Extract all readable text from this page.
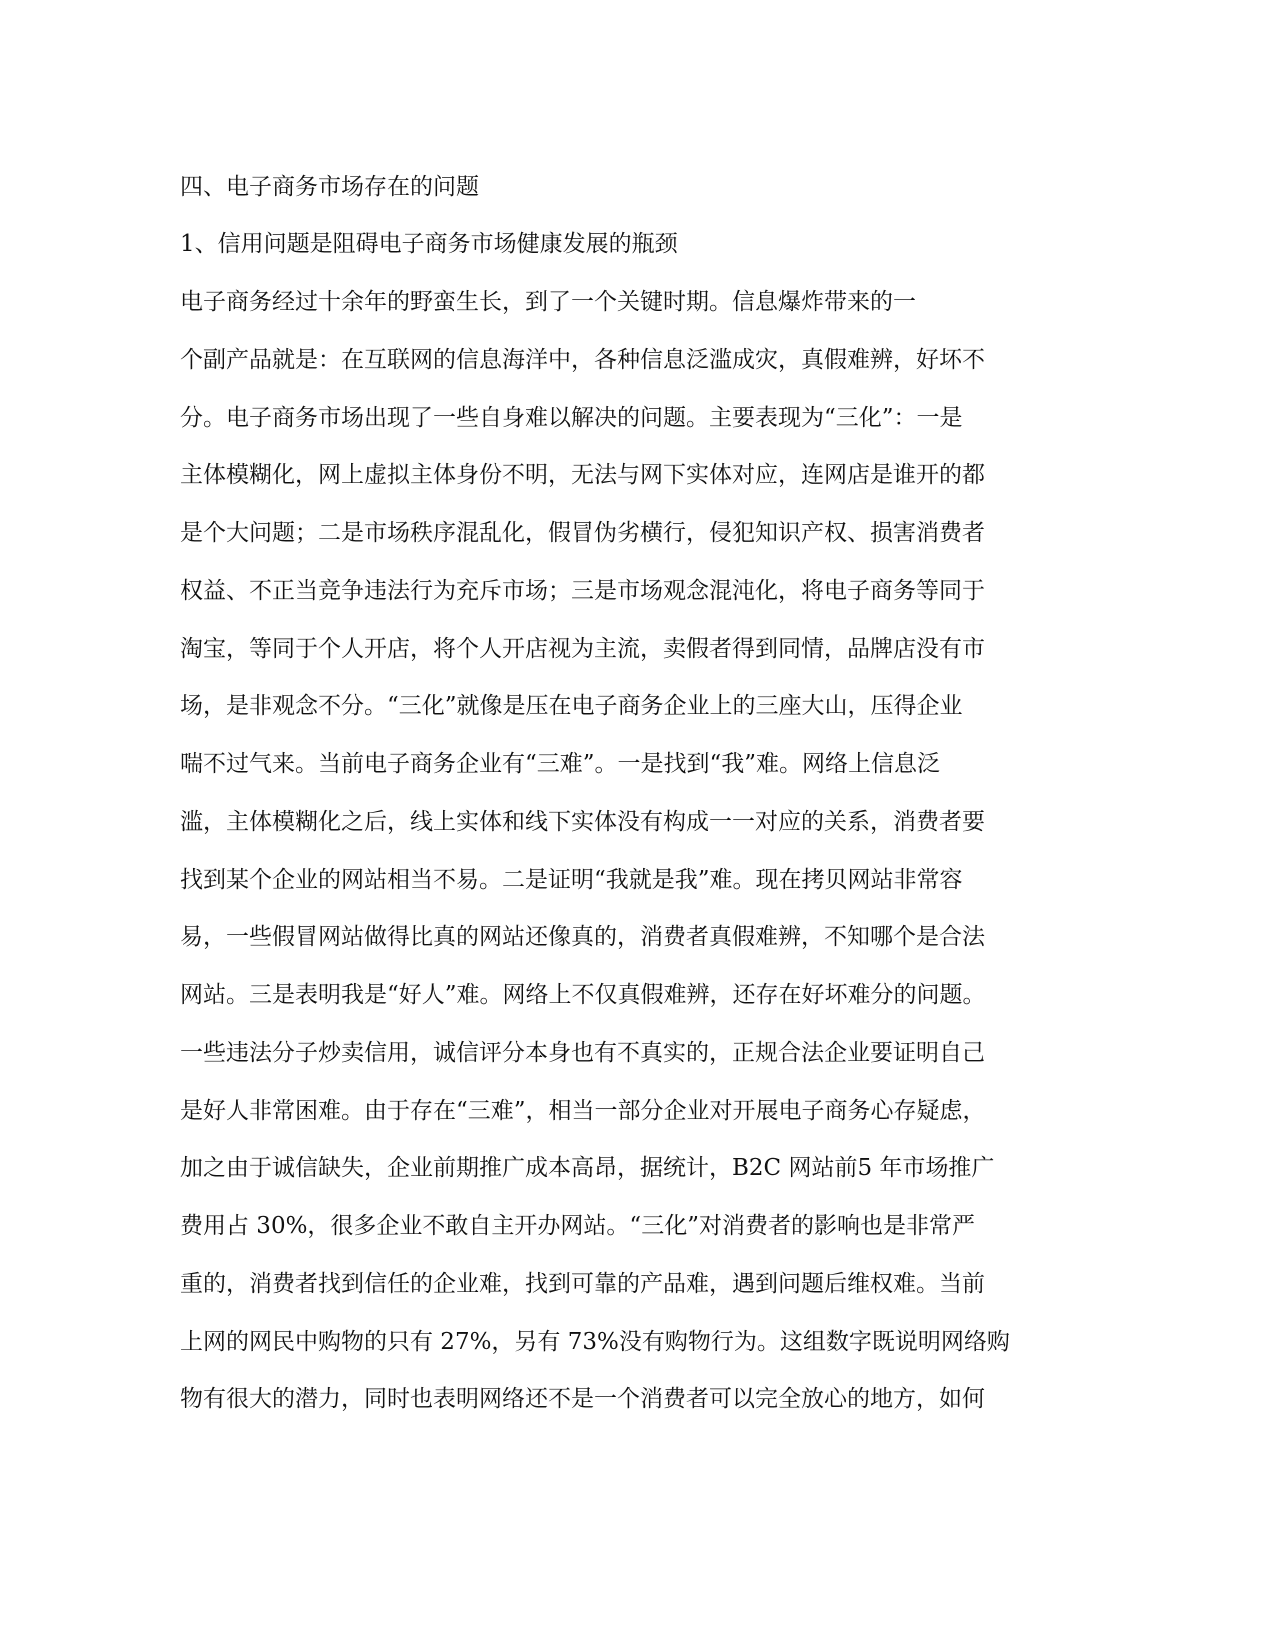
四、电子商务市场存在的问题
1、信用问题是阻碍电子商务市场健康发展的瓶颈
电子商务经过十余年的野蛮生长，到了一个关键时期。信息爆炸带来的一
个副产品就是：在互联网的信息海洋中，各种信息泛滥成灾，真假难辨，好坏不
分。电子商务市场出现了一些自身难以解决的问题。主要表现为“三化”：一是
主体模糊化，网上虚拟主体身份不明，无法与网下实体对应，连网店是谁开的都
是个大问题；二是市场秩序混乱化，假冒伪劣横行，侵犯知识产权、损害消费者
权益、不正当竞争违法行为充斥市场；三是市场观念混沌化，将电子商务等同于
淘宝，等同于个人开店，将个人开店视为主流，卖假者得到同情，品牌店没有市
场，是非观念不分。“三化”就像是压在电子商务企业上的三座大山，压得企业
喘不过气来。当前电子商务企业有“三难”。一是找到“我”难。网络上信息泛
滥，主体模糊化之后，线上实体和线下实体没有构成一一对应的关系，消费者要
找到某个企业的网站相当不易。二是证明“我就是我”难。现在拷贝网站非常容
易，一些假冒网站做得比真的网站还像真的，消费者真假难辨，不知哪个是合法
网站。三是表明我是“好人”难。网络上不仅真假难辨，还存在好坏难分的问题。
一些违法分子炒卖信用，诚信评分本身也有不真实的，正规合法企业要证明自己
是好人非常困难。由于存在“三难”，相当一部分企业对开展电子商务心存疑虑，
加之由于诚信缺失，企业前期推广成本高昂，据统计，B2C 网站前5 年市场推广
费用占 30%，很多企业不敢自主开办网站。“三化”对消费者的影响也是非常严
重的，消费者找到信任的企业难，找到可靠的产品难，遇到问题后维权难。当前
上网的网民中购物的只有 27%，另有 73%没有购物行为。这组数字既说明网络购
物有很大的潜力，同时也表明网络还不是一个消费者可以完全放心的地方，如何
